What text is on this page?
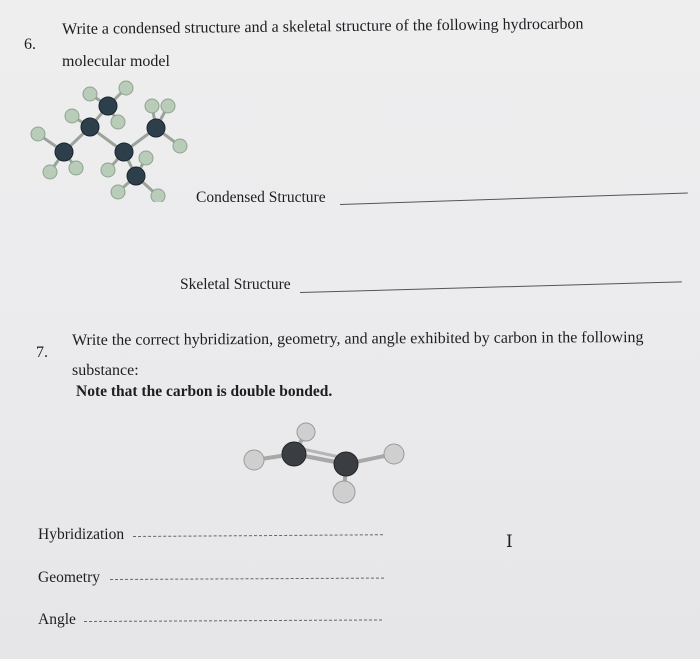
6.
Write a condensed structure and a skeletal structure of the following hydrocarbon
molecular model
Condensed Structure
Skeletal Structure
7.
Write the correct hybridization, geometry, and angle exhibited by carbon in the following
substance:
Note that the carbon is double bonded.
Hybridization
Geometry
Angle
I
